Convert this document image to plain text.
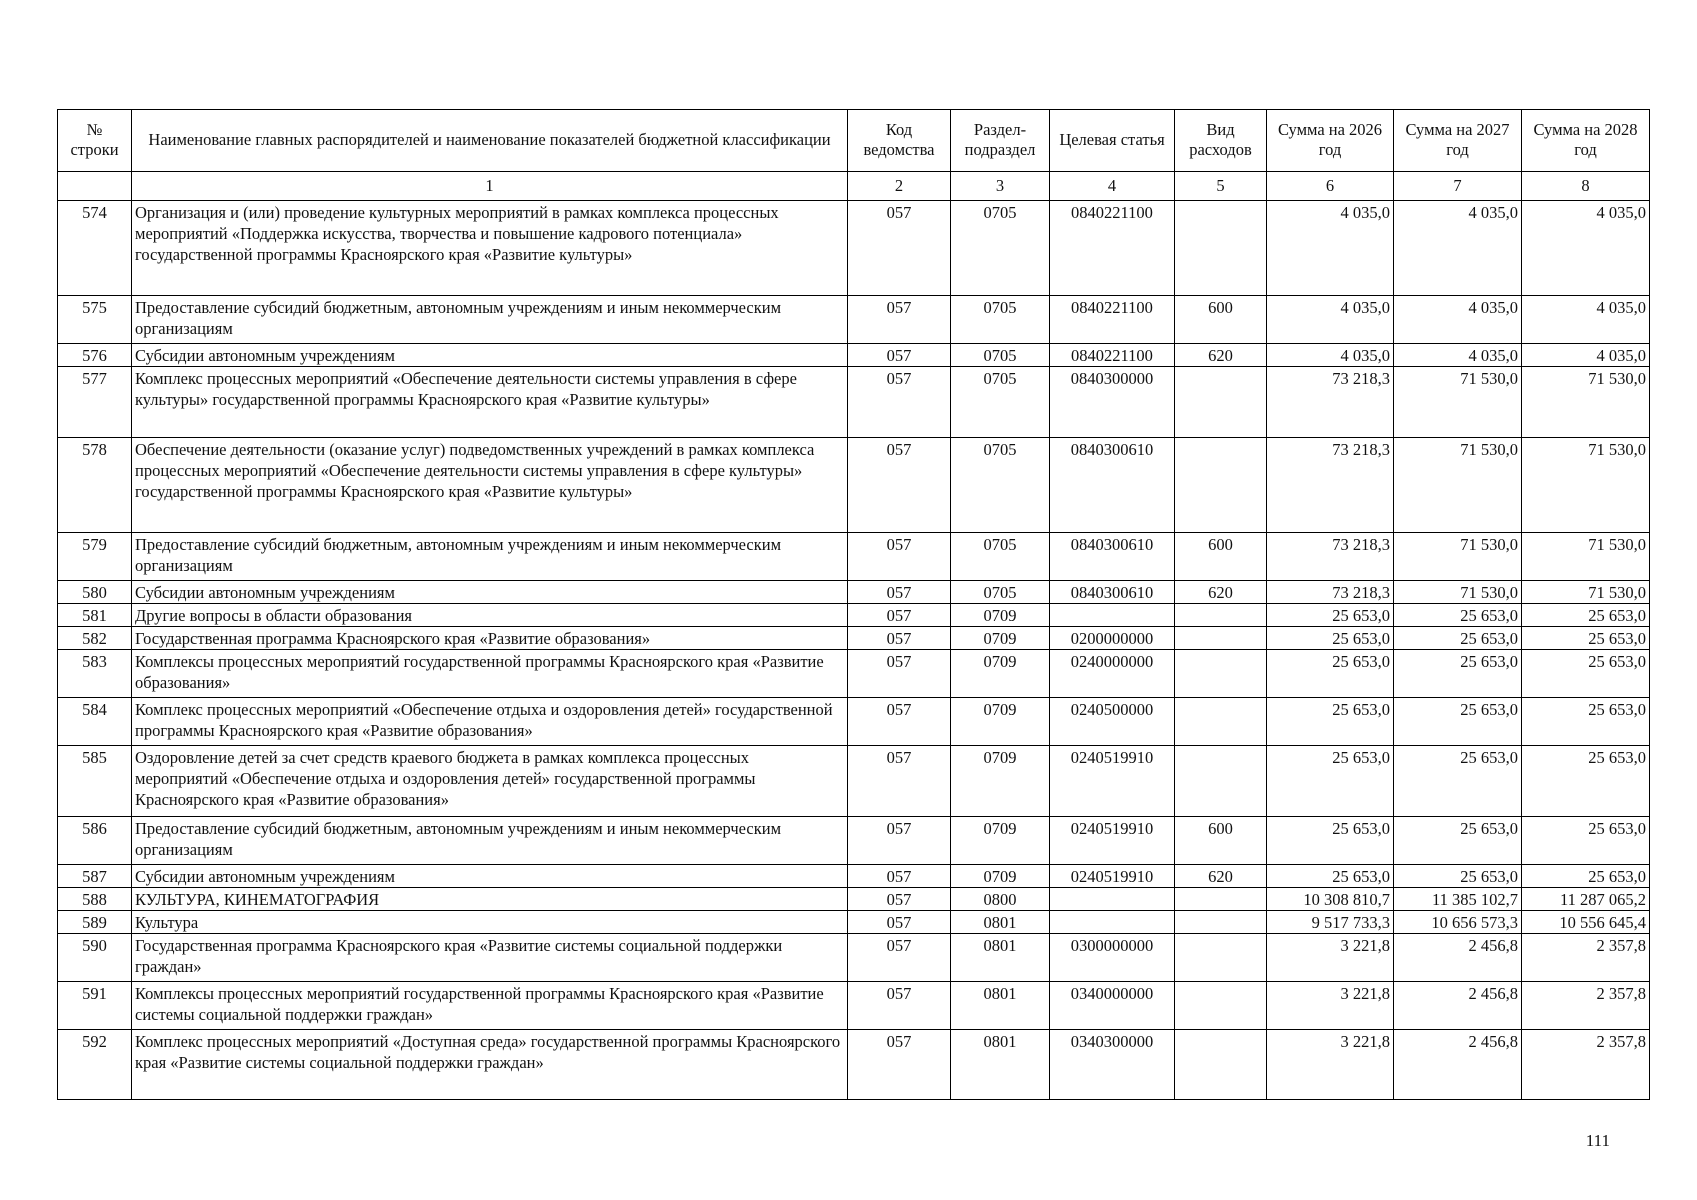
№ строки	Наименование главных распорядителей и наименование показателей бюджетной классификации	Код ведомства	Раздел-подраздел	Целевая статья	Вид расходов	Сумма на 2026 год	Сумма на 2027 год	Сумма на 2028 год
	1	2	3	4	5	6	7	8
574	Организация и (или) проведение культурных мероприятий в рамках комплекса процессных мероприятий «Поддержка искусства, творчества и повышение кадрового потенциала» государственной программы Красноярского края «Развитие культуры»	057	0705	0840221100		4 035,0	4 035,0	4 035,0
575	Предоставление субсидий бюджетным, автономным учреждениям и иным некоммерческим организациям	057	0705	0840221100	600	4 035,0	4 035,0	4 035,0
576	Субсидии автономным учреждениям	057	0705	0840221100	620	4 035,0	4 035,0	4 035,0
577	Комплекс процессных мероприятий «Обеспечение деятельности системы управления в сфере культуры» государственной программы Красноярского края «Развитие культуры»	057	0705	0840300000		73 218,3	71 530,0	71 530,0
578	Обеспечение деятельности (оказание услуг) подведомственных учреждений в рамках комплекса процессных мероприятий «Обеспечение деятельности системы управления в сфере культуры» государственной программы Красноярского края «Развитие культуры»	057	0705	0840300610		73 218,3	71 530,0	71 530,0
579	Предоставление субсидий бюджетным, автономным учреждениям и иным некоммерческим организациям	057	0705	0840300610	600	73 218,3	71 530,0	71 530,0
580	Субсидии автономным учреждениям	057	0705	0840300610	620	73 218,3	71 530,0	71 530,0
581	Другие вопросы в области образования	057	0709			25 653,0	25 653,0	25 653,0
582	Государственная программа Красноярского края «Развитие образования»	057	0709	0200000000		25 653,0	25 653,0	25 653,0
583	Комплексы процессных мероприятий государственной программы Красноярского края «Развитие образования»	057	0709	0240000000		25 653,0	25 653,0	25 653,0
584	Комплекс процессных мероприятий «Обеспечение отдыха и оздоровления детей» государственной программы Красноярского края «Развитие образования»	057	0709	0240500000		25 653,0	25 653,0	25 653,0
585	Оздоровление детей за счет средств краевого бюджета в рамках комплекса процессных мероприятий «Обеспечение отдыха и оздоровления детей» государственной программы Красноярского края «Развитие образования»	057	0709	0240519910		25 653,0	25 653,0	25 653,0
586	Предоставление субсидий бюджетным, автономным учреждениям и иным некоммерческим организациям	057	0709	0240519910	600	25 653,0	25 653,0	25 653,0
587	Субсидии автономным учреждениям	057	0709	0240519910	620	25 653,0	25 653,0	25 653,0
588	КУЛЬТУРА, КИНЕМАТОГРАФИЯ	057	0800			10 308 810,7	11 385 102,7	11 287 065,2
589	Культура	057	0801			9 517 733,3	10 656 573,3	10 556 645,4
590	Государственная программа Красноярского края «Развитие системы социальной поддержки граждан»	057	0801	0300000000		3 221,8	2 456,8	2 357,8
591	Комплексы процессных мероприятий государственной программы Красноярского края «Развитие системы социальной поддержки граждан»	057	0801	0340000000		3 221,8	2 456,8	2 357,8
592	Комплекс процессных мероприятий «Доступная среда» государственной программы Красноярского края «Развитие системы социальной поддержки граждан»	057	0801	0340300000		3 221,8	2 456,8	2 357,8
111
